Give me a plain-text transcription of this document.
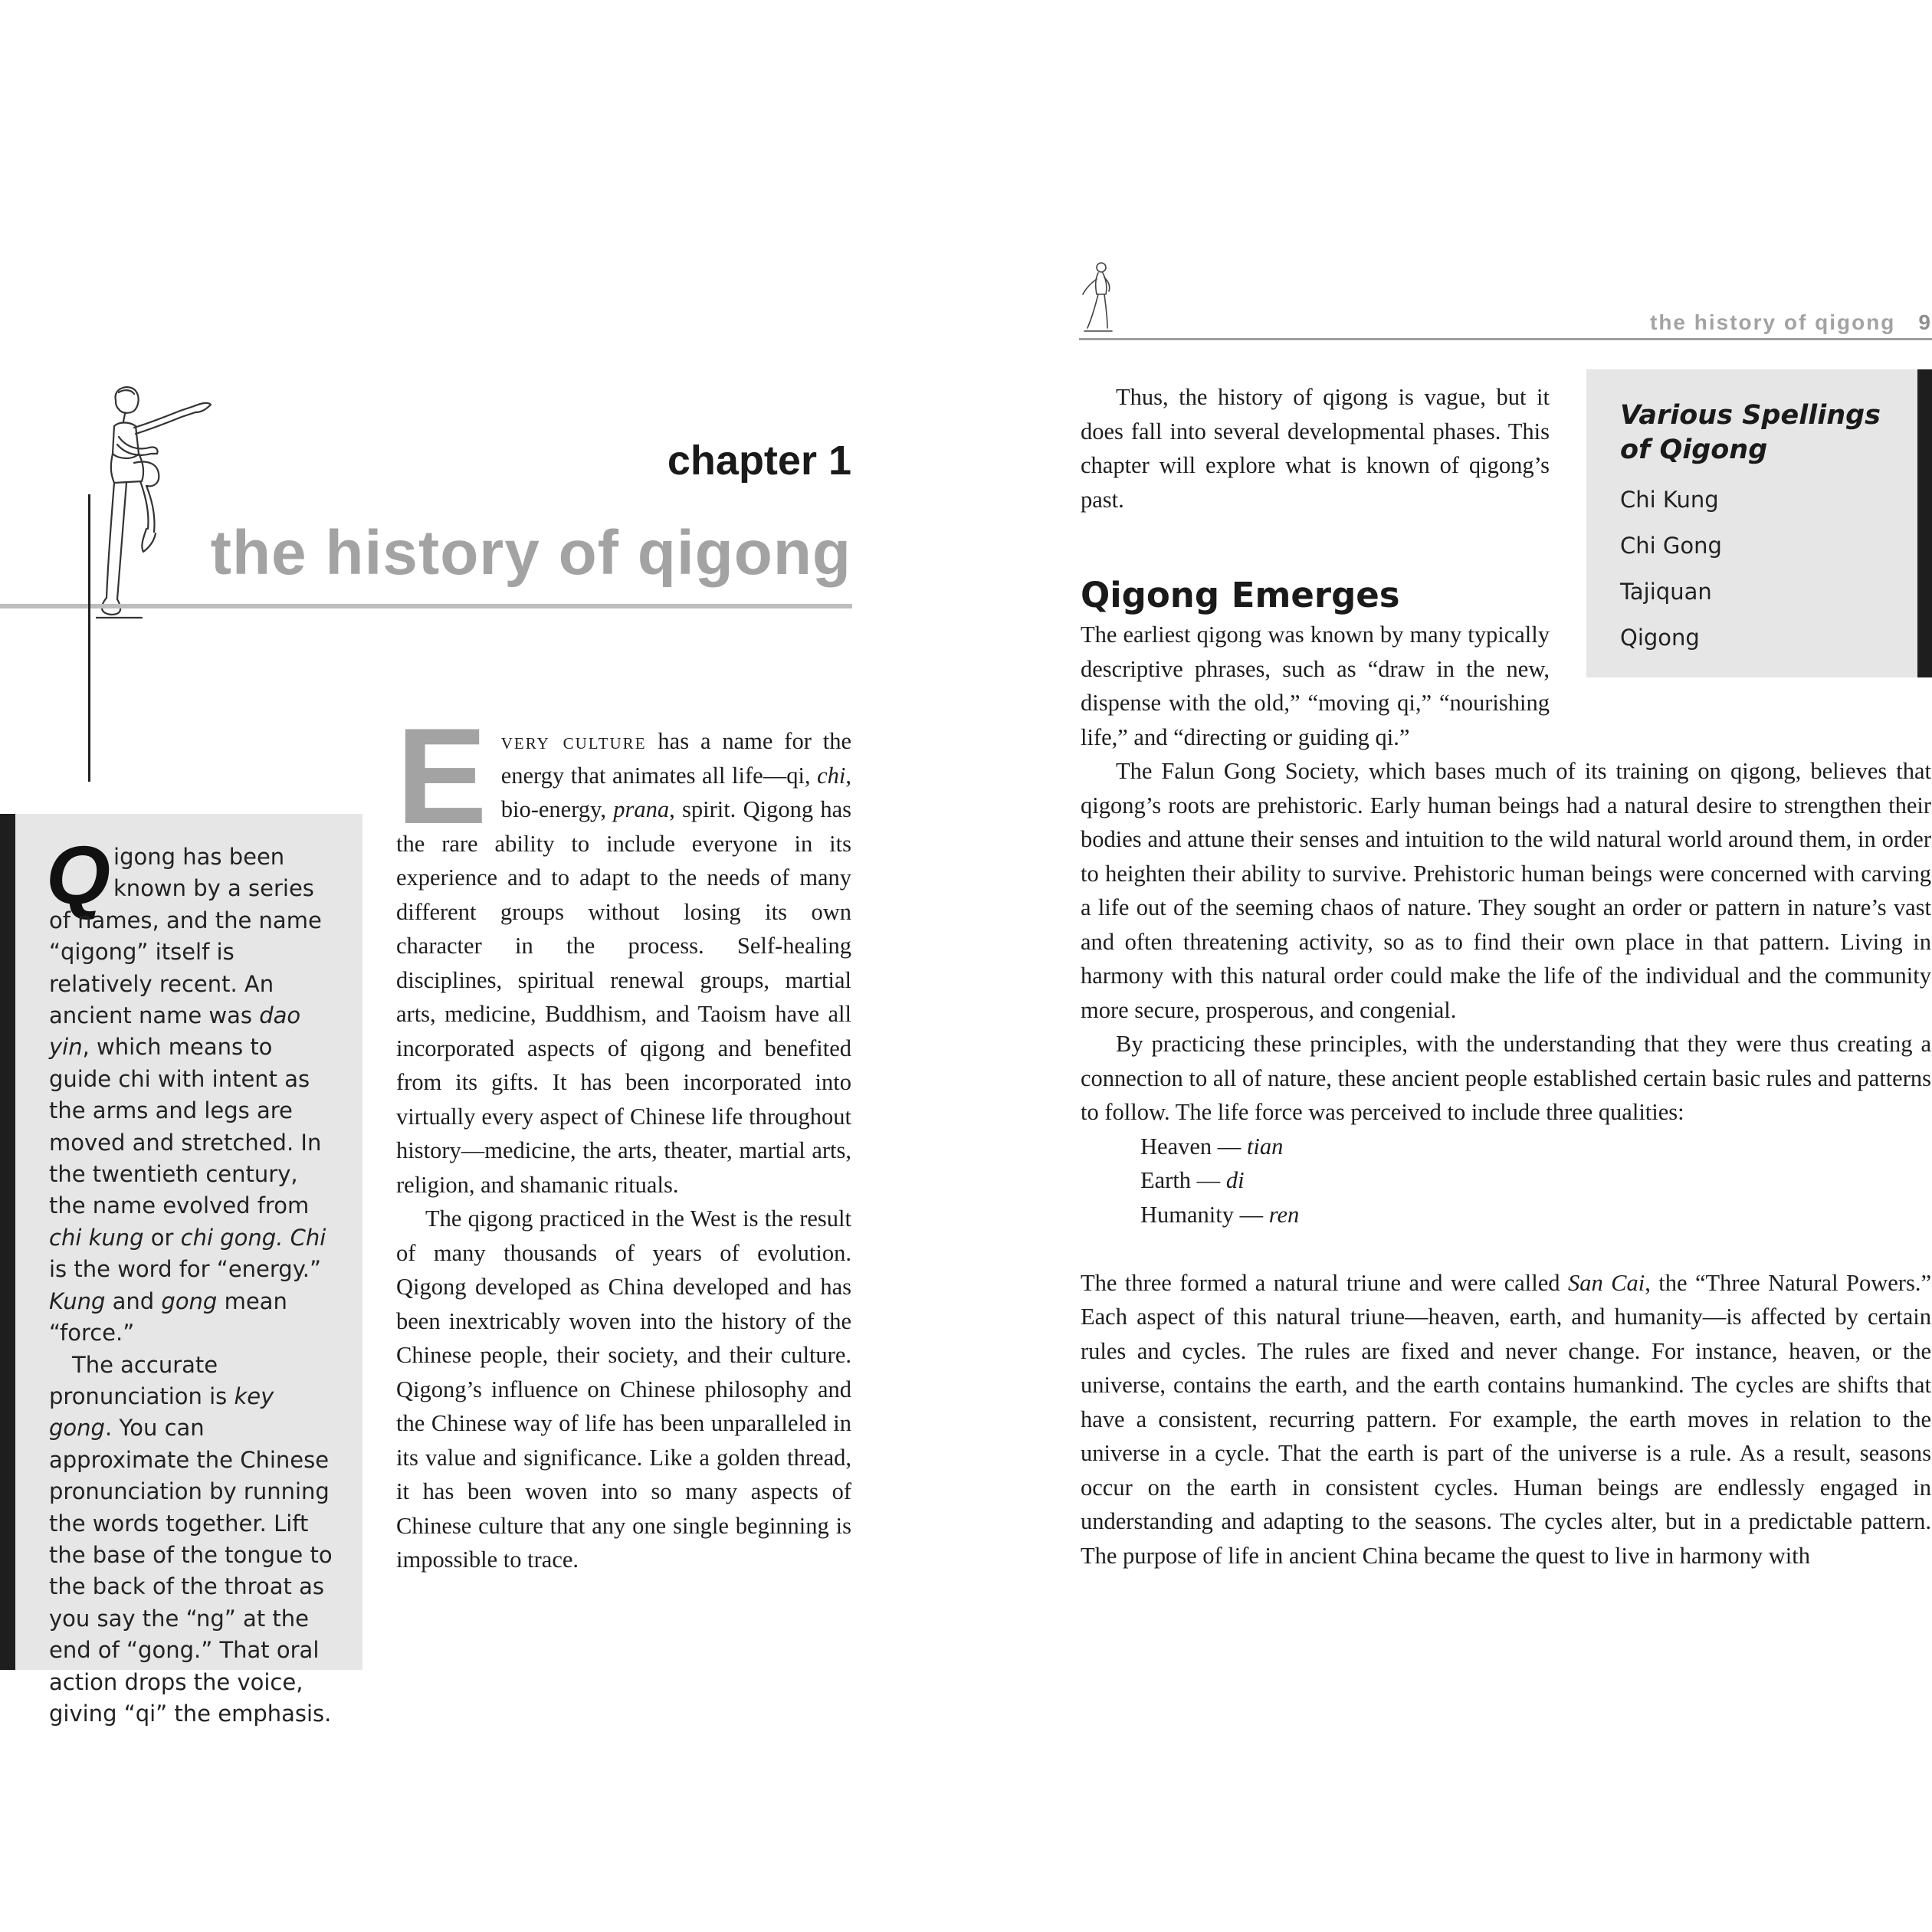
chapter 1
the history of qigong

Qigong has been known by a series of names, and the name “qigong” itself is relatively recent. An ancient name was dao yin, which means to guide chi with intent as the arms and legs are moved and stretched. In the twentieth century, the name evolved from chi kung or chi gong. Chi is the word for “energy.” Kung and gong mean “force.”

The accurate pronunciation is key gong. You can approximate the Chinese pronunciation by running the words together. Lift the base of the tongue to the back of the throat as you say the “ng” at the end of “gong.” That oral action drops the voice, giving “qi” the emphasis.

Every culture has a name for the energy that animates all life—qi, chi, bio-energy, prana, spirit. Qigong has the rare ability to include everyone in its experience and to adapt to the needs of many different groups without losing its own character in the process. Self-healing disciplines, spiritual renewal groups, martial arts, medicine, Buddhism, and Taoism have all incorporated aspects of qigong and benefited from its gifts. It has been incorporated into virtually every aspect of Chinese life throughout history—medicine, the arts, theater, martial arts, religion, and shamanic rituals.

The qigong practiced in the West is the result of many thousands of years of evolution. Qigong developed as China developed and has been inextricably woven into the history of the Chinese people, their society, and their culture. Qigong’s influence on Chinese philosophy and the Chinese way of life has been unparalleled in its value and significance. Like a golden thread, it has been woven into so many aspects of Chinese culture that any one single beginning is impossible to trace.

the history of qigong 9

Thus, the history of qigong is vague, but it does fall into several developmental phases. This chapter will explore what is known of qigong’s past.

Various Spellings of Qigong
Chi Kung
Chi Gong
Tajiquan
Qigong
Qigong Emerges

The earliest qigong was known by many typically descriptive phrases, such as “draw in the new, dispense with the old,” “moving qi,” “nourishing life,” and “directing or guiding qi.”

The Falun Gong Society, which bases much of its training on qigong, believes that qigong’s roots are prehistoric. Early human beings had a natural desire to strengthen their bodies and attune their senses and intuition to the wild natural world around them, in order to heighten their ability to survive. Prehistoric human beings were concerned with carving a life out of the seeming chaos of nature. They sought an order or pattern in nature’s vast and often threatening activity, so as to find their own place in that pattern. Living in harmony with this natural order could make the life of the individual and the community more secure, prosperous, and congenial.

By practicing these principles, with the understanding that they were thus creating a connection to all of nature, these ancient people established certain basic rules and patterns to follow. The life force was perceived to include three qualities:

Heaven — tian
Earth — di
Humanity — ren

The three formed a natural triune and were called San Cai, the “Three Natural Powers.” Each aspect of this natural triune—heaven, earth, and humanity—is affected by certain rules and cycles. The rules are fixed and never change. For instance, heaven, or the universe, contains the earth, and the earth contains humankind. The cycles are shifts that have a consistent, recurring pattern. For example, the earth moves in relation to the universe in a cycle. That the earth is part of the universe is a rule. As a result, seasons occur on the earth in consistent cycles. Human beings are endlessly engaged in understanding and adapting to the seasons. The cycles alter, but in a predictable pattern. The purpose of life in ancient China became the quest to live in harmony with
